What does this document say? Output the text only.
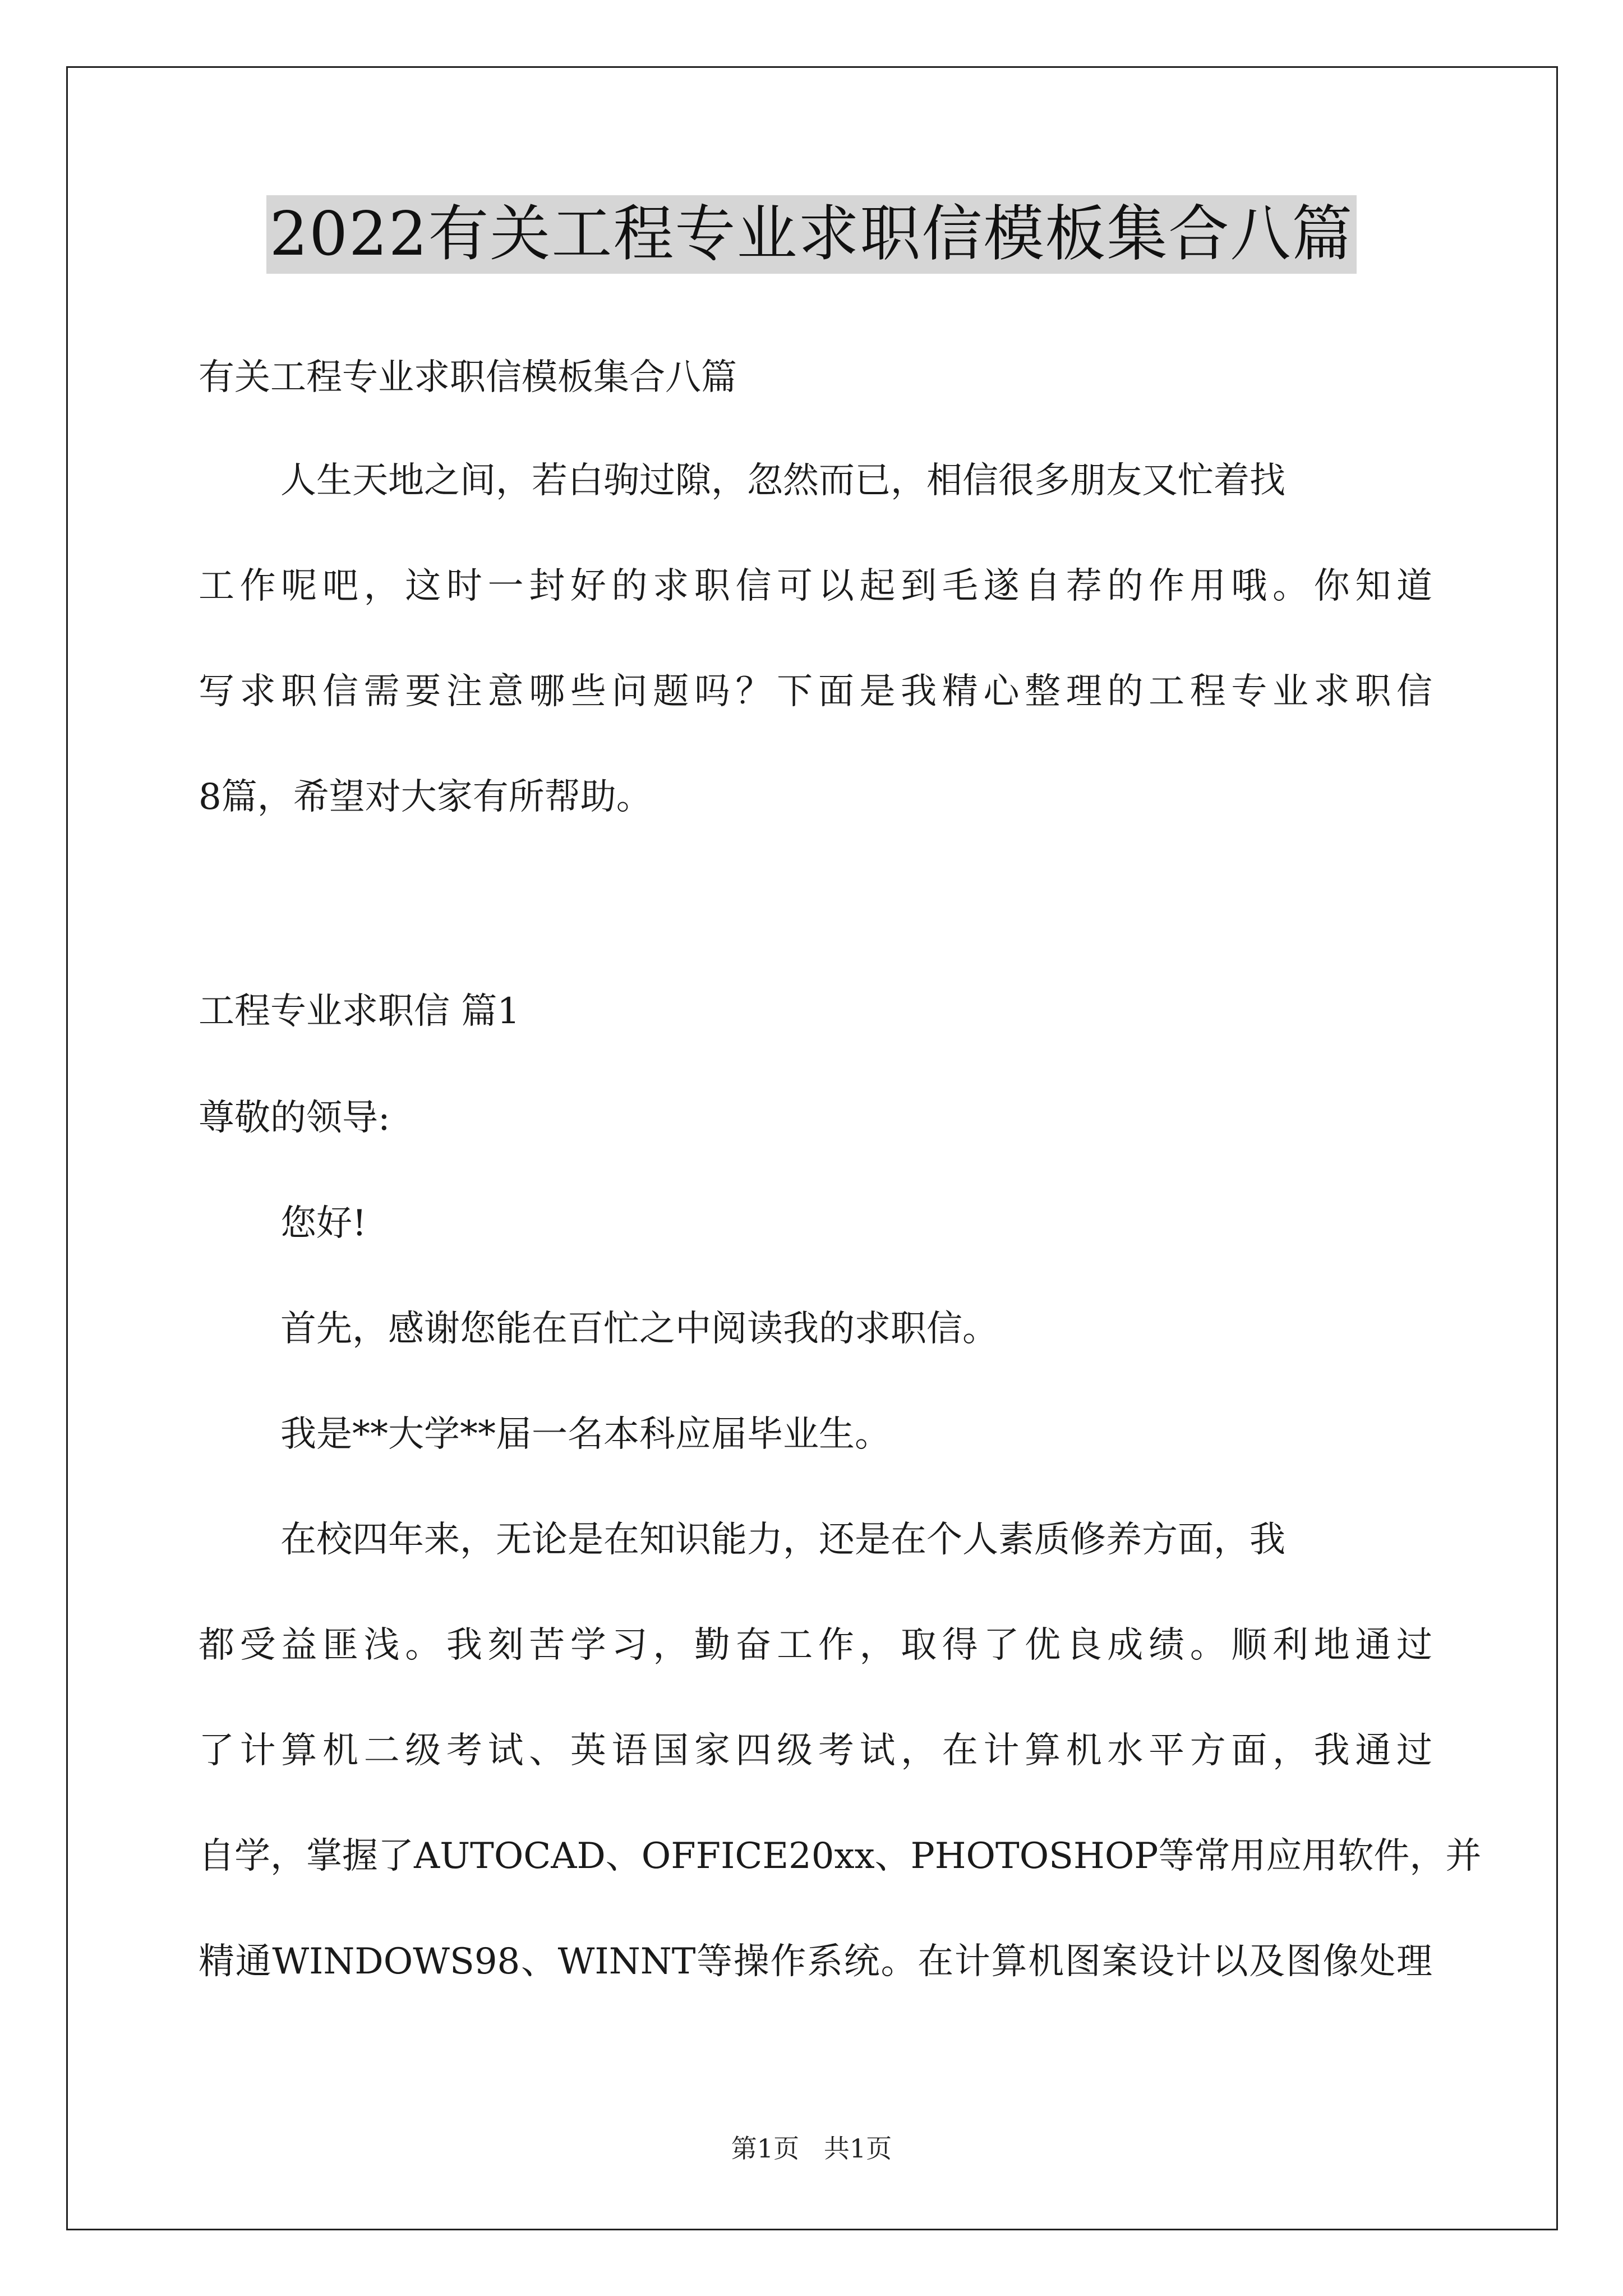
2022有关工程专业求职信模板集合八篇
有关工程专业求职信模板集合八篇
人生天地之间，若白驹过隙，忽然而已，相信很多朋友又忙着找
工作呢吧，这时一封好的求职信可以起到毛遂自荐的作用哦。你知道
写求职信需要注意哪些问题吗？下面是我精心整理的工程专业求职信
8篇，希望对大家有所帮助。
工程专业求职信 篇1
尊敬的领导:
您好!
首先，感谢您能在百忙之中阅读我的求职信。
我是**大学**届一名本科应届毕业生。
在校四年来，无论是在知识能力，还是在个人素质修养方面，我
都受益匪浅。我刻苦学习，勤奋工作，取得了优良成绩。顺利地通过
了计算机二级考试、英语国家四级考试，在计算机水平方面，我通过
自学，掌握了AUTOCAD、OFFICE20xx、PHOTOSHOP等常用应用软件，并
精通WINDOWS98、WINNT等操作系统。在计算机图案设计以及图像处理
第1页   共1页
